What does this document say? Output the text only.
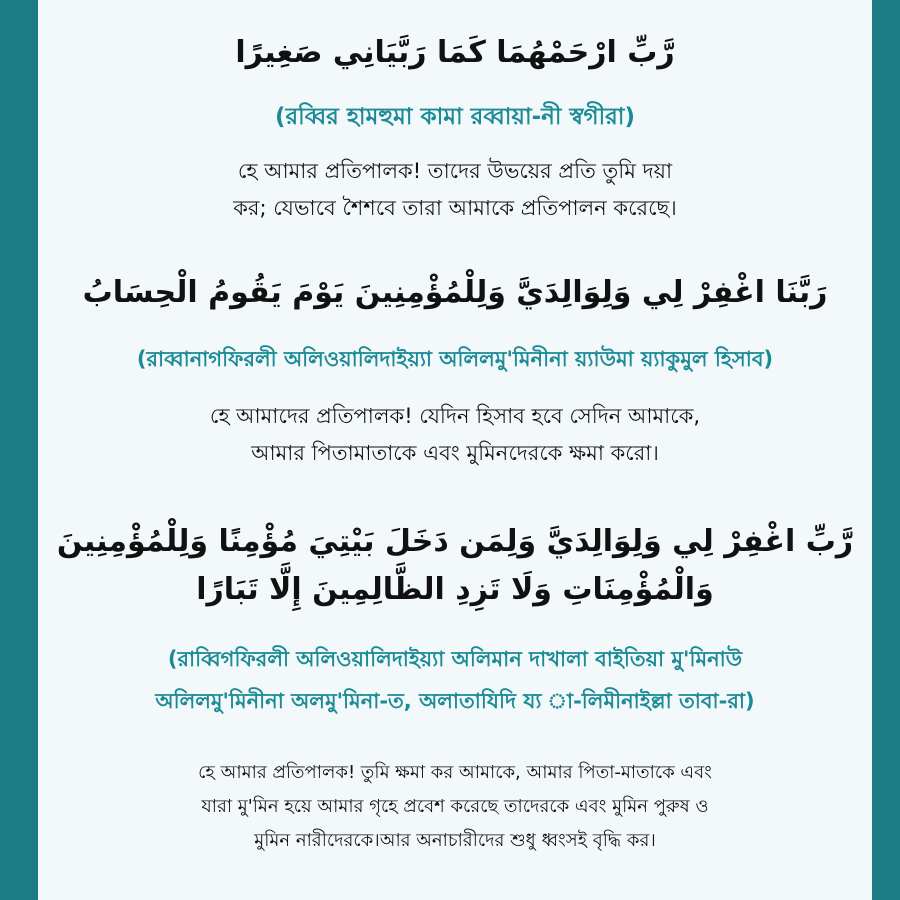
رَّبِّ ارْحَمْهُمَا كَمَا رَبَّيَانِي صَغِيرًا
(রব্বির হামহুমা কামা রব্বায়া-নী স্বগীরা)
হে আমার প্রতিপালক! তাদের উভয়ের প্রতি তুমি দয়া
কর; যেভাবে শৈশবে তারা আমাকে প্রতিপালন করেছে।
رَبَّنَا اغْفِرْ لِي وَلِوَالِدَيَّ وَلِلْمُؤْمِنِينَ يَوْمَ يَقُومُ الْحِسَابُ
(রাব্বানাগফিরলী অলিওয়ালিদাইয়্যা অলিলমু'মিনীনা য়্যাউমা য়্যাকুমুল হিসাব)
হে আমাদের প্রতিপালক! যেদিন হিসাব হবে সেদিন আমাকে,
আমার পিতামাতাকে এবং মুমিনদেরকে ক্ষমা করো।
رَّبِّ اغْفِرْ لِي وَلِوَالِدَيَّ وَلِمَن دَخَلَ بَيْتِيَ مُؤْمِنًا وَلِلْمُؤْمِنِينَ
وَالْمُؤْمِنَاتِ وَلَا تَزِدِ الظَّالِمِينَ إِلَّا تَبَارًا
(রাব্বিগফিরলী অলিওয়ালিদাইয়্যা অলিমান দাখালা বাইতিয়া মু'মিনাউ
অলিলমু'মিনীনা অলমু'মিনা-ত, অলাতাযিদি য্য া-লিমীনাইল্লা তাবা-রা)
হে আমার প্রতিপালক! তুমি ক্ষমা কর আমাকে, আমার পিতা-মাতাকে এবং
যারা মু'মিন হয়ে আমার গৃহে প্রবেশ করেছে তাদেরকে এবং মুমিন পুরুষ ও
মুমিন নারীদেরকে।আর অনাচারীদের শুধু ধ্বংসই বৃদ্ধি কর।
